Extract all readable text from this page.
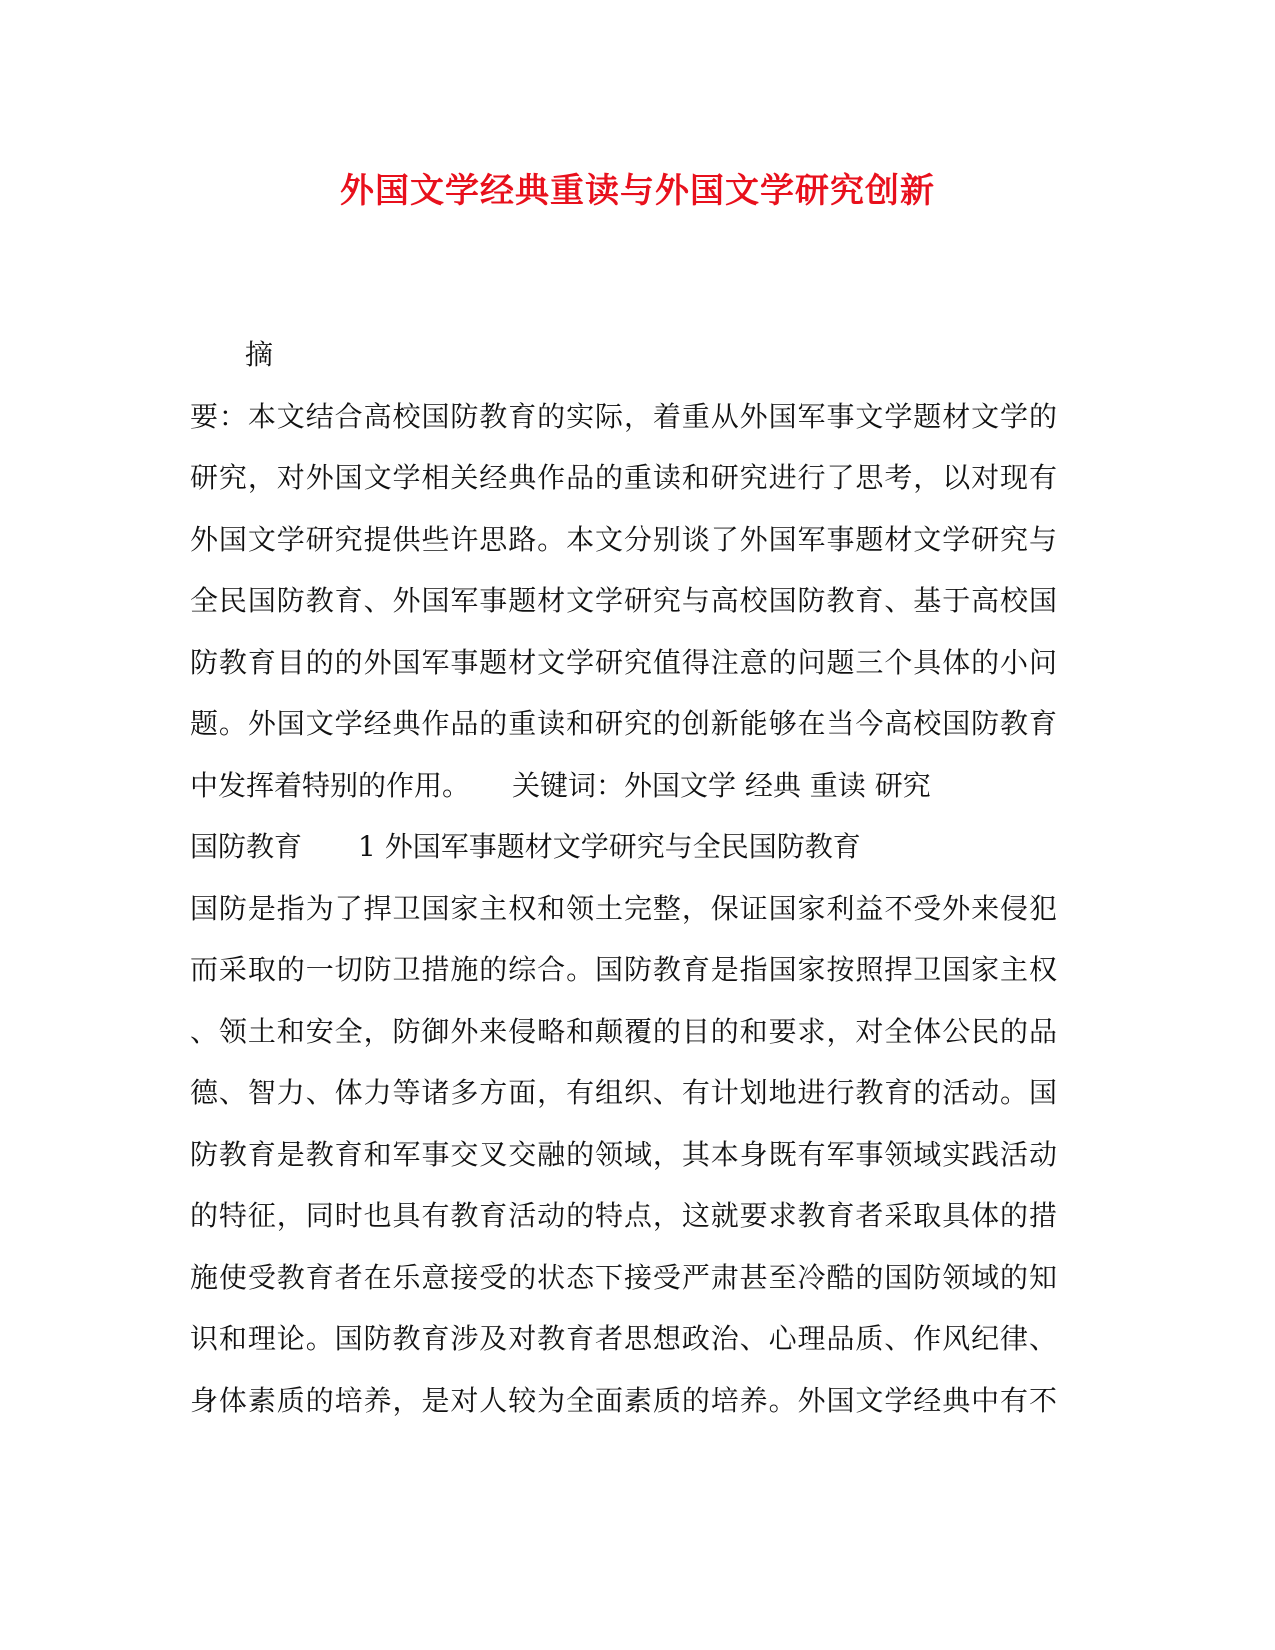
外国文学经典重读与外国文学研究创新
摘
要：本文结合高校国防教育的实际，着重从外国军事文学题材文学的
研究，对外国文学相关经典作品的重读和研究进行了思考，以对现有
外国文学研究提供些许思路。本文分别谈了外国军事题材文学研究与
全民国防教育、外国军事题材文学研究与高校国防教育、基于高校国
防教育目的的外国军事题材文学研究值得注意的问题三个具体的小问
题。外国文学经典作品的重读和研究的创新能够在当今高校国防教育
中发挥着特别的作用。　　关键词：外国文学 经典 重读 研究
国防教育　　1 外国军事题材文学研究与全民国防教育
国防是指为了捍卫国家主权和领土完整，保证国家利益不受外来侵犯
而采取的一切防卫措施的综合。国防教育是指国家按照捍卫国家主权
、领土和安全，防御外来侵略和颠覆的目的和要求，对全体公民的品
德、智力、体力等诸多方面，有组织、有计划地进行教育的活动。国
防教育是教育和军事交叉交融的领域，其本身既有军事领域实践活动
的特征，同时也具有教育活动的特点，这就要求教育者采取具体的措
施使受教育者在乐意接受的状态下接受严肃甚至冷酷的国防领域的知
识和理论。国防教育涉及对教育者思想政治、心理品质、作风纪律、
身体素质的培养，是对人较为全面素质的培养。外国文学经典中有不
